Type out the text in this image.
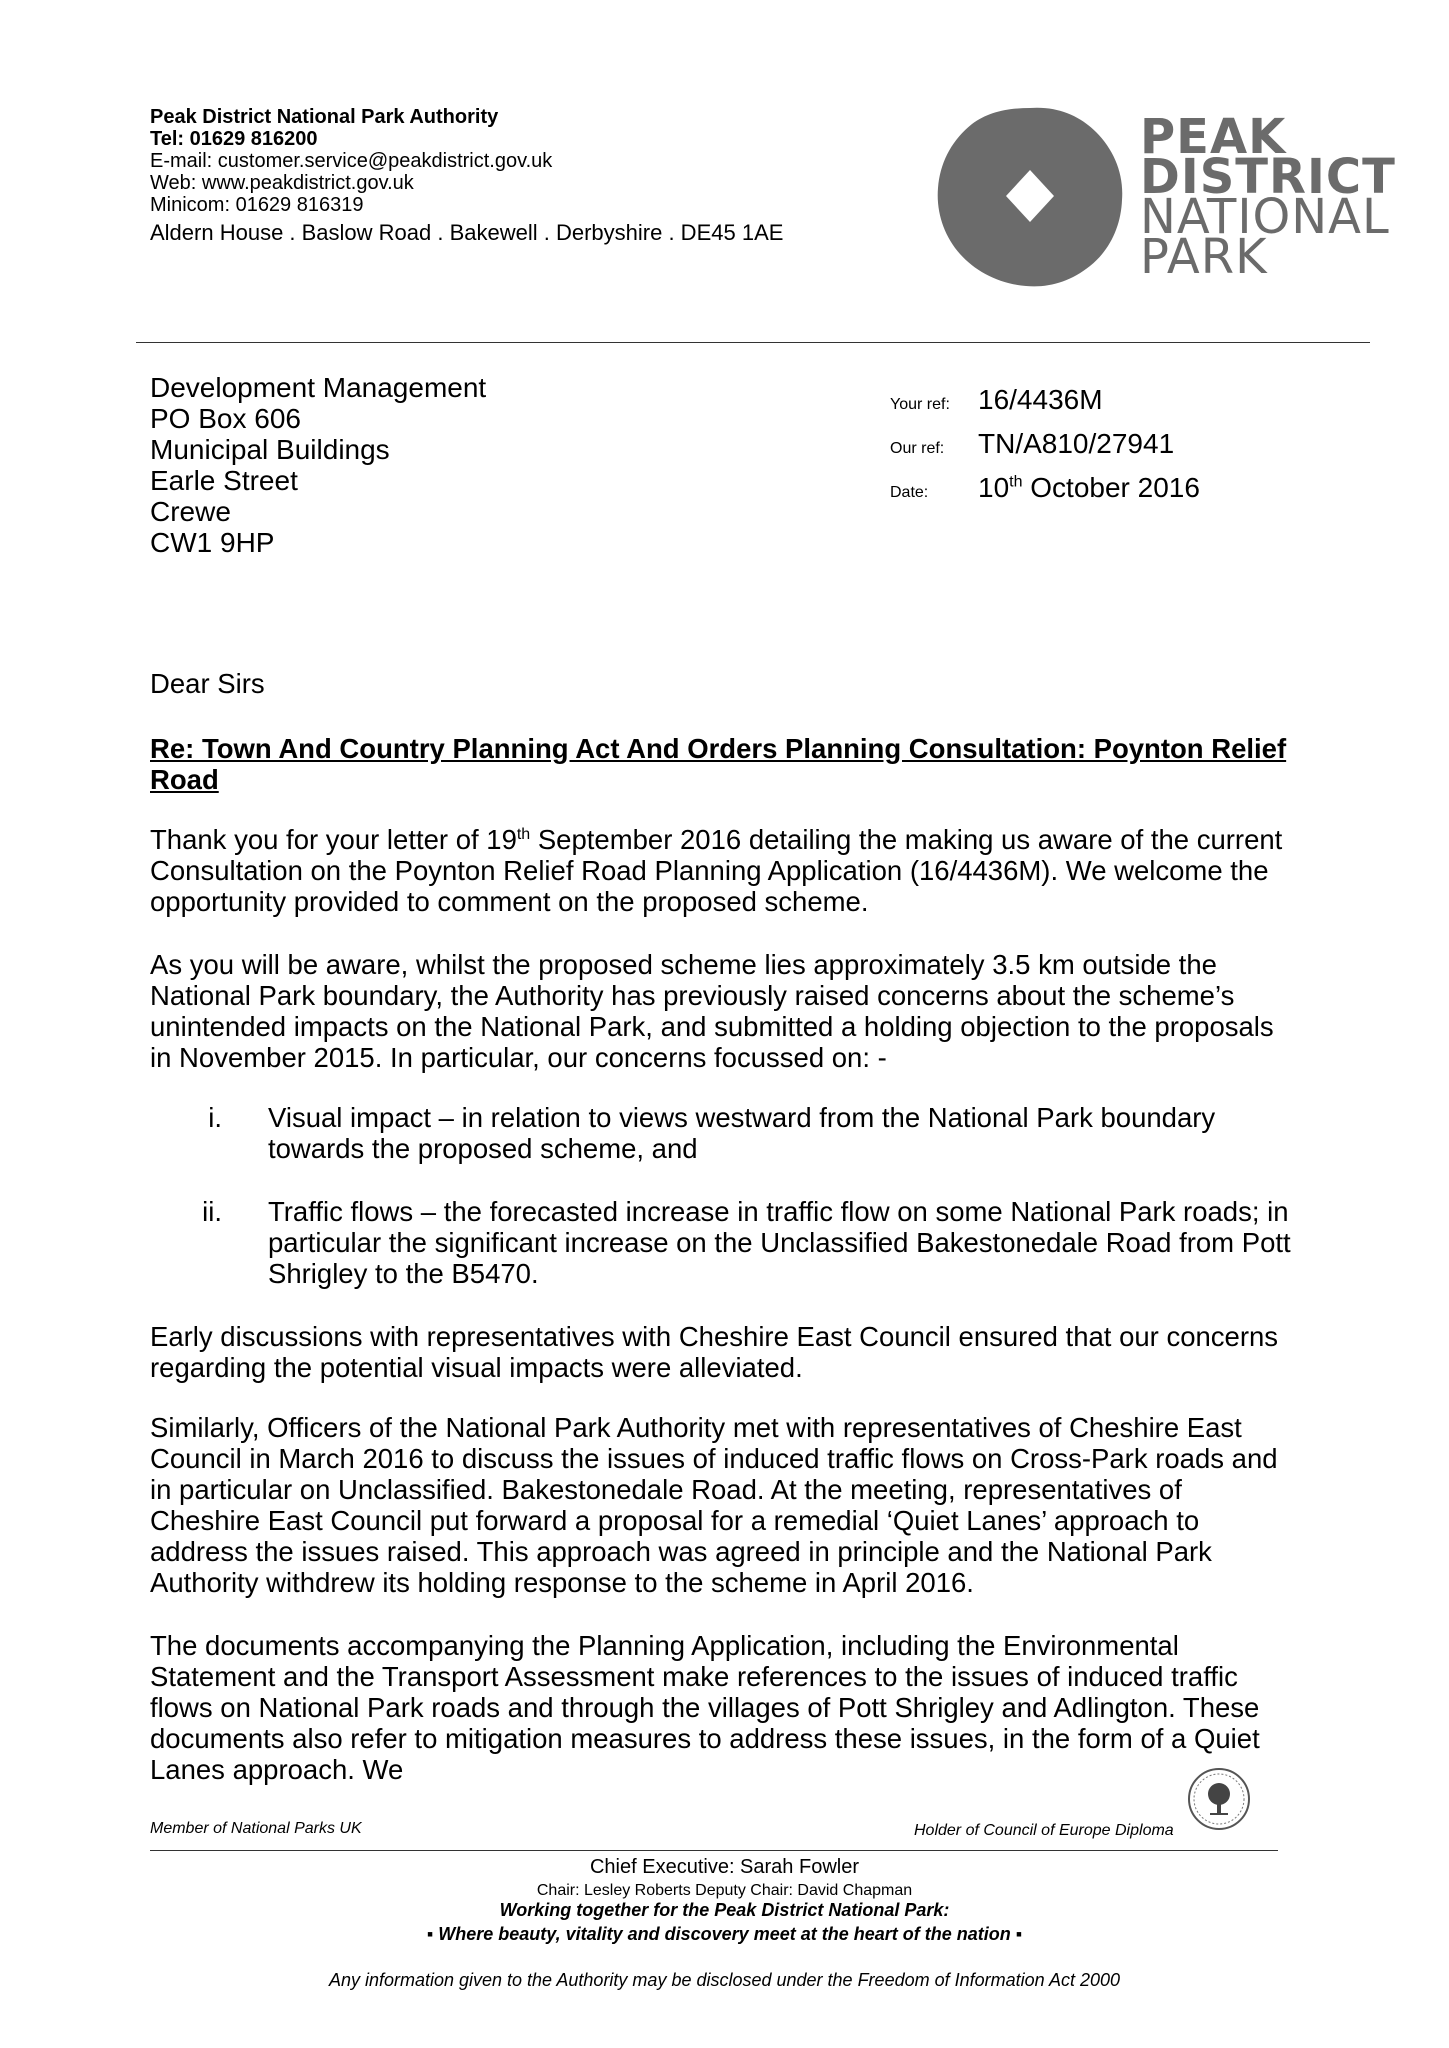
Peak District National Park Authority
Tel: 01629 816200
E-mail: customer.service@peakdistrict.gov.uk
Web: www.peakdistrict.gov.uk
Minicom: 01629 816319
Aldern House . Baslow Road . Bakewell . Derbyshire . DE45 1AE
PEAK
DISTRICT
NATIONAL
PARK
Development Management
PO Box 606
Municipal Buildings
Earle Street
Crewe
CW1 9HP
Your ref: 16/4436M
Our ref: TN/A810/27941
Date: 10th October 2016

Dear Sirs

Re: Town And Country Planning Act And Orders Planning Consultation: Poynton Relief Road

Thank you for your letter of 19th September 2016 detailing the making us aware of the current Consultation on the Poynton Relief Road Planning Application (16/4436M). We welcome the opportunity provided to comment on the proposed scheme.

As you will be aware, whilst the proposed scheme lies approximately 3.5 km outside the National Park boundary, the Authority has previously raised concerns about the scheme’s unintended impacts on the National Park, and submitted a holding objection to the proposals in November 2015. In particular, our concerns focussed on: -

i. Visual impact – in relation to views westward from the National Park boundary towards the proposed scheme, and

ii. Traffic flows – the forecasted increase in traffic flow on some National Park roads; in particular the significant increase on the Unclassified Bakestonedale Road from Pott Shrigley to the B5470.

Early discussions with representatives with Cheshire East Council ensured that our concerns regarding the potential visual impacts were alleviated.

Similarly, Officers of the National Park Authority met with representatives of Cheshire East Council in March 2016 to discuss the issues of induced traffic flows on Cross-Park roads and in particular on Unclassified. Bakestonedale Road. At the meeting, representatives of Cheshire East Council put forward a proposal for a remedial ‘Quiet Lanes’ approach to address the issues raised. This approach was agreed in principle and the National Park Authority withdrew its holding response to the scheme in April 2016.

The documents accompanying the Planning Application, including the Environmental Statement and the Transport Assessment make references to the issues of induced traffic flows on National Park roads and through the villages of Pott Shrigley and Adlington. These documents also refer to mitigation measures to address these issues, in the form of a Quiet Lanes approach. We

Member of National Parks UK	Holder of Council of Europe Diploma
Chief Executive: Sarah Fowler
Chair: Lesley Roberts Deputy Chair: David Chapman
Working together for the Peak District National Park:
▪ Where beauty, vitality and discovery meet at the heart of the nation ▪
Any information given to the Authority may be disclosed under the Freedom of Information Act 2000
